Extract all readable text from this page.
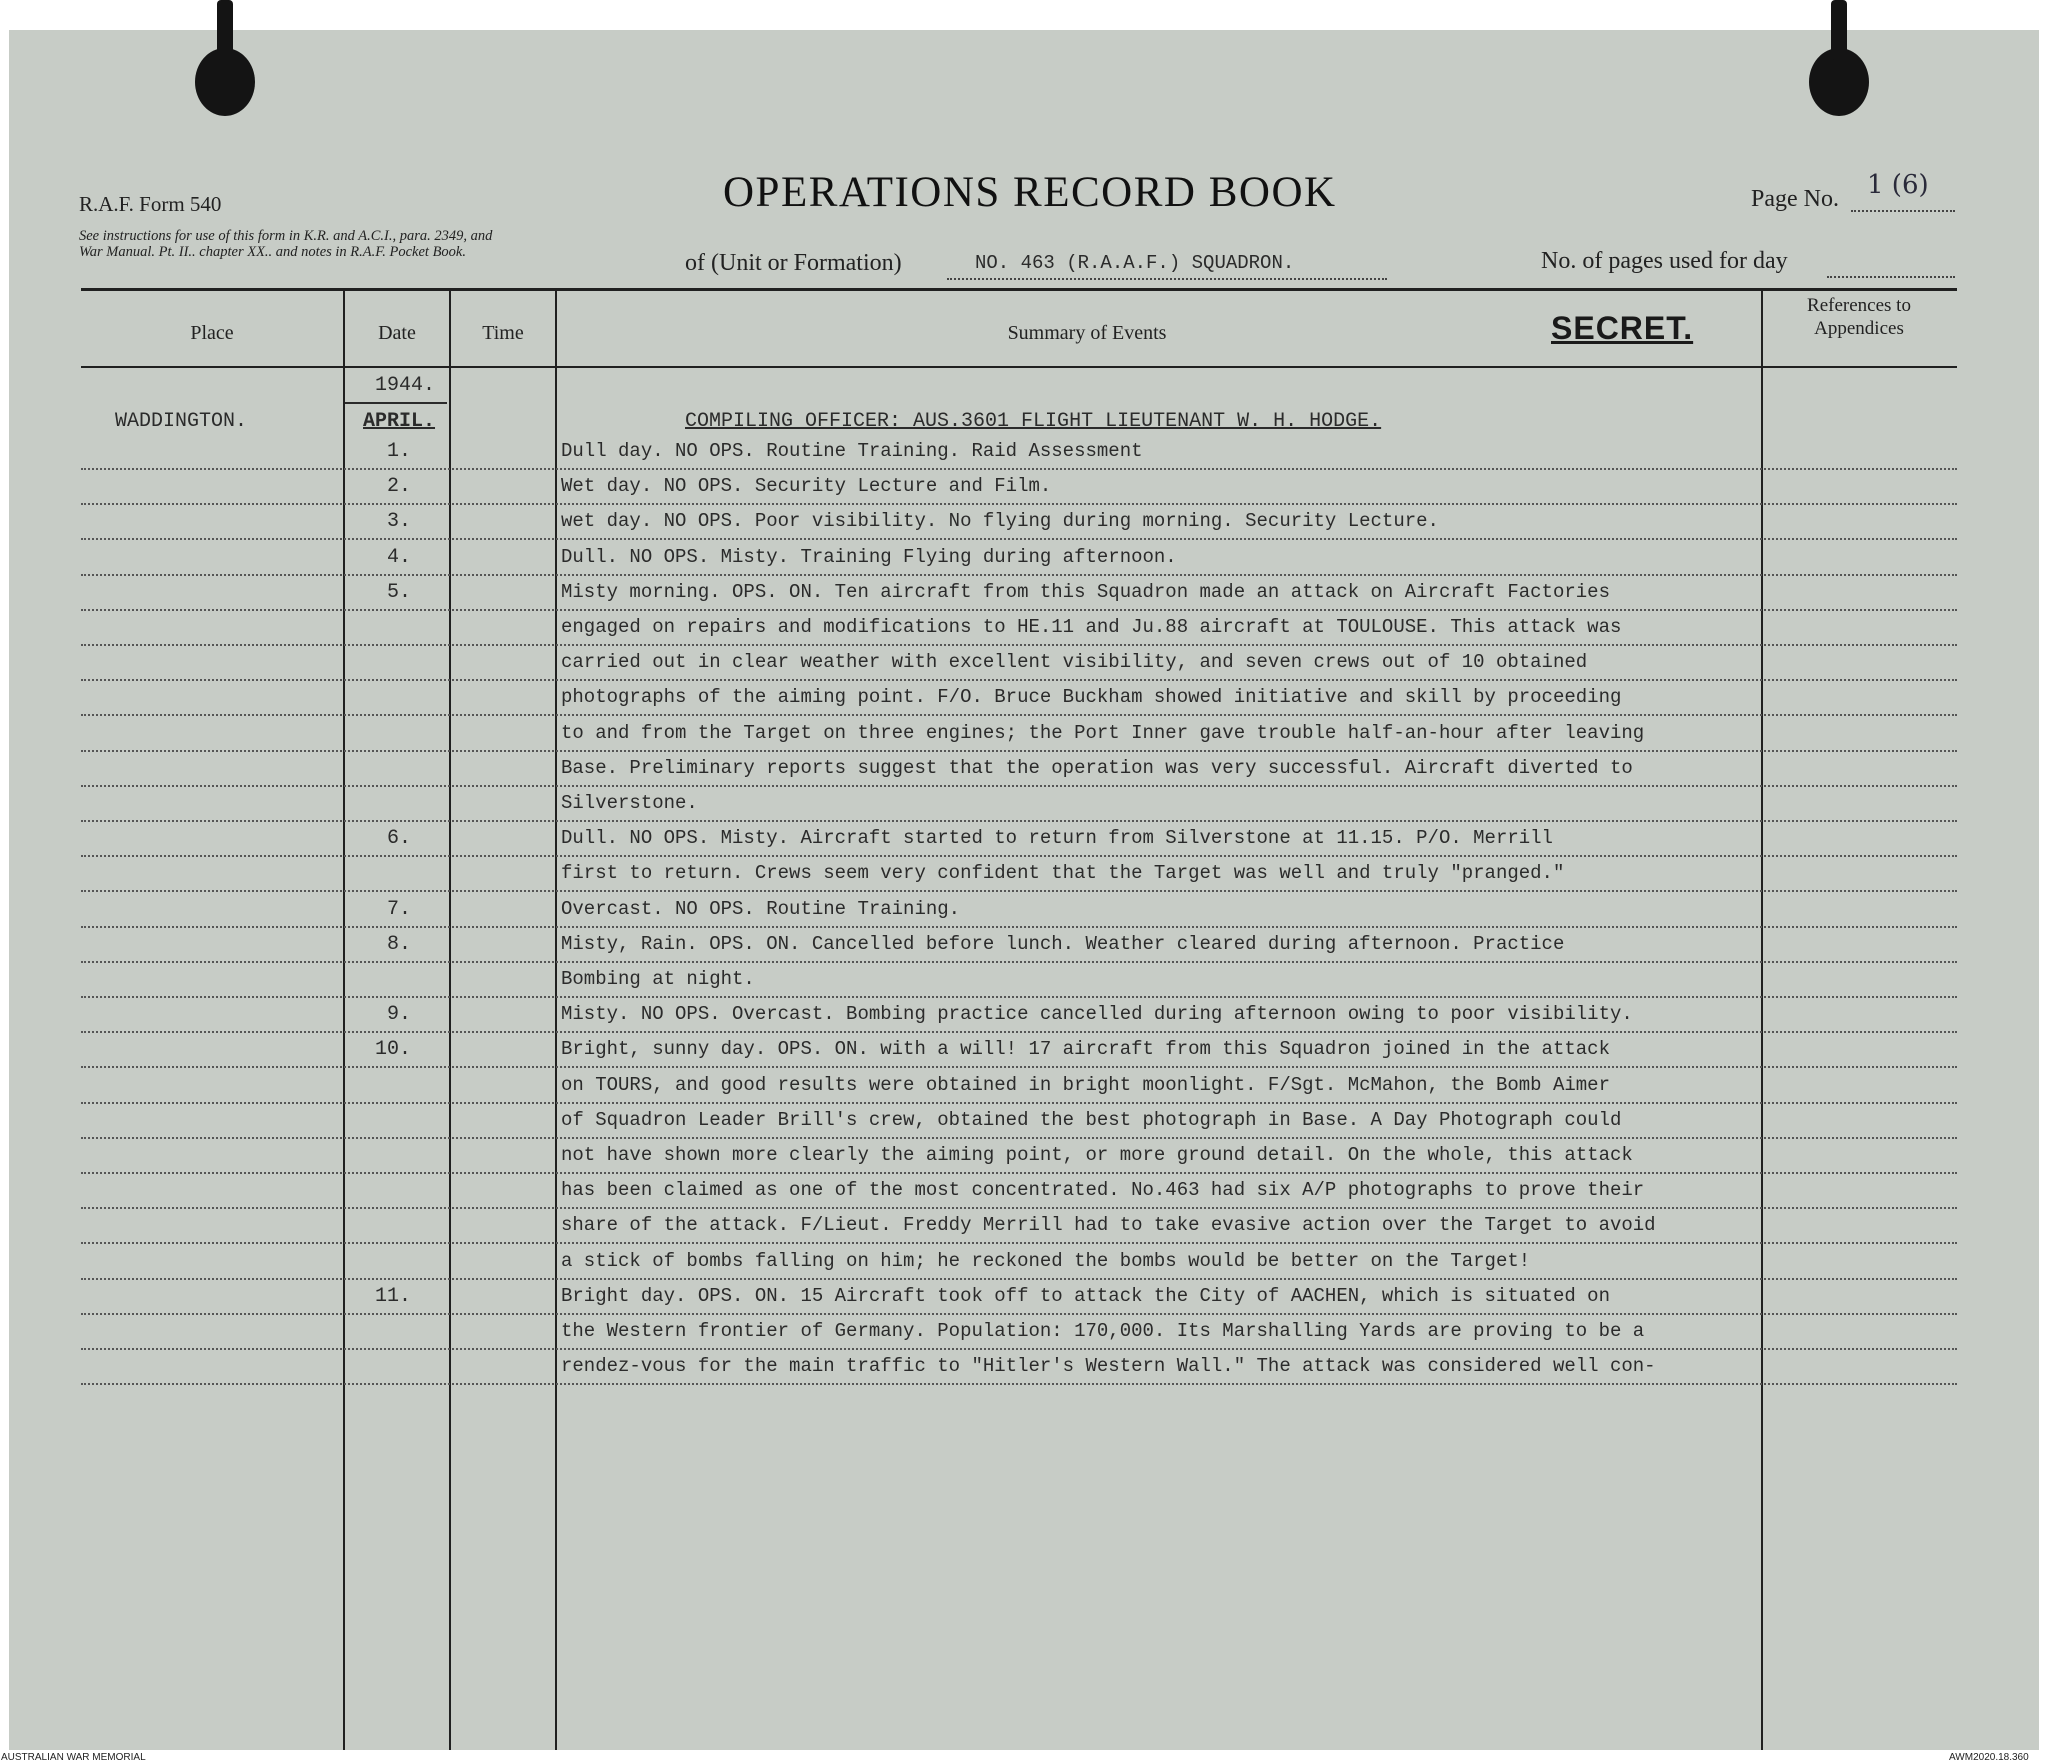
R.A.F. Form 540
See instructions for use of this form in K.R. and A.C.I., para. 2349, and War Manual. Pt. II.. chapter XX.. and notes in R.A.F. Pocket Book.
OPERATIONS RECORD BOOK	Page No. 1 (6)
of (Unit or Formation)	NO. 463 (R.A.A.F.) SQUADRON.	No. of pages used for day
Place	Date	Time	Summary of Events	SECRET.
References to Appendices
1944.
WADDINGTON.	APRIL.	COMPILING OFFICER: AUS.3601 FLIGHT LIEUTENANT W. H. HODGE.
1.	Dull day. NO OPS. Routine Training. Raid Assessment
2.	Wet day. NO OPS. Security Lecture and Film.
3.	wet day. NO OPS. Poor visibility. No flying during morning. Security Lecture.
4.	Dull. NO OPS. Misty. Training Flying during afternoon.
5.	Misty morning. OPS. ON. Ten aircraft from this Squadron made an attack on Aircraft Factories
engaged on repairs and modifications to HE.11 and Ju.88 aircraft at TOULOUSE. This attack was
carried out in clear weather with excellent visibility, and seven crews out of 10 obtained
photographs of the aiming point. F/O. Bruce Buckham showed initiative and skill by proceeding
to and from the Target on three engines; the Port Inner gave trouble half-an-hour after leaving
Base. Preliminary reports suggest that the operation was very successful. Aircraft diverted to
Silverstone.
6.	Dull. NO OPS. Misty. Aircraft started to return from Silverstone at 11.15. P/O. Merrill
first to return. Crews seem very confident that the Target was well and truly "pranged."
7.	Overcast. NO OPS. Routine Training.
8.	Misty, Rain. OPS. ON. Cancelled before lunch. Weather cleared during afternoon. Practice
Bombing at night.
9.	Misty. NO OPS. Overcast. Bombing practice cancelled during afternoon owing to poor visibility.
10.	Bright, sunny day. OPS. ON. with a will! 17 aircraft from this Squadron joined in the attack
on TOURS, and good results were obtained in bright moonlight. F/Sgt. McMahon, the Bomb Aimer
of Squadron Leader Brill's crew, obtained the best photograph in Base. A Day Photograph could
not have shown more clearly the aiming point, or more ground detail. On the whole, this attack
has been claimed as one of the most concentrated. No.463 had six A/P photographs to prove their
share of the attack. F/Lieut. Freddy Merrill had to take evasive action over the Target to avoid
a stick of bombs falling on him; he reckoned the bombs would be better on the Target!
11.	Bright day. OPS. ON. 15 Aircraft took off to attack the City of AACHEN, which is situated on
the Western frontier of Germany. Population: 170,000. Its Marshalling Yards are proving to be a
rendez-vous for the main traffic to "Hitler's Western Wall." The attack was considered well con-
AUSTRALIAN WAR MEMORIAL	AWM2020.18.360
